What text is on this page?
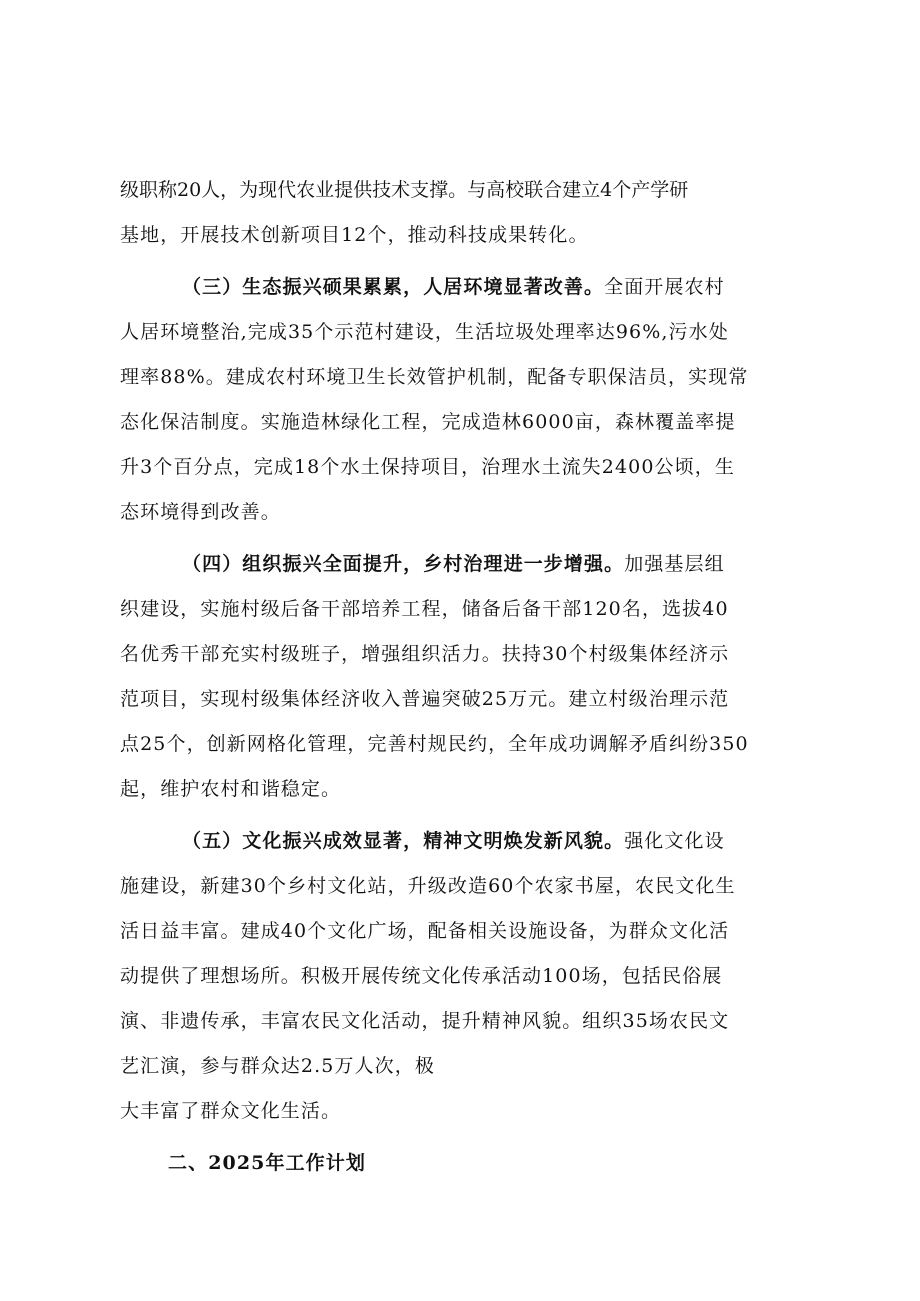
级职称20人，为现代农业提供技术支撑。与高校联合建立4个产学研
基地，开展技术创新项目12个，推动科技成果转化。
（三）生态振兴硕果累累，人居环境显著改善。全面开展农村
人居环境整治,完成35个示范村建设，生活垃圾处理率达96%,污水处
理率88%。建成农村环境卫生长效管护机制，配备专职保洁员，实现常
态化保洁制度。实施造林绿化工程，完成造林6000亩，森林覆盖率提
升3个百分点，完成18个水土保持项目，治理水土流失2400公顷，生
态环境得到改善。
（四）组织振兴全面提升，乡村治理进一步增强。加强基层组
织建设，实施村级后备干部培养工程，储备后备干部120名，选拔40
名优秀干部充实村级班子，增强组织活力。扶持30个村级集体经济示
范项目，实现村级集体经济收入普遍突破25万元。建立村级治理示范
点25个，创新网格化管理，完善村规民约，全年成功调解矛盾纠纷350
起，维护农村和谐稳定。
（五）文化振兴成效显著，精神文明焕发新风貌。强化文化设
施建设，新建30个乡村文化站，升级改造60个农家书屋，农民文化生
活日益丰富。建成40个文化广场，配备相关设施设备，为群众文化活
动提供了理想场所。积极开展传统文化传承活动100场，包括民俗展
演、非遗传承，丰富农民文化活动，提升精神风貌。组织35场农民文
艺汇演，参与群众达2.5万人次，极
大丰富了群众文化生活。
二、2025年工作计划
